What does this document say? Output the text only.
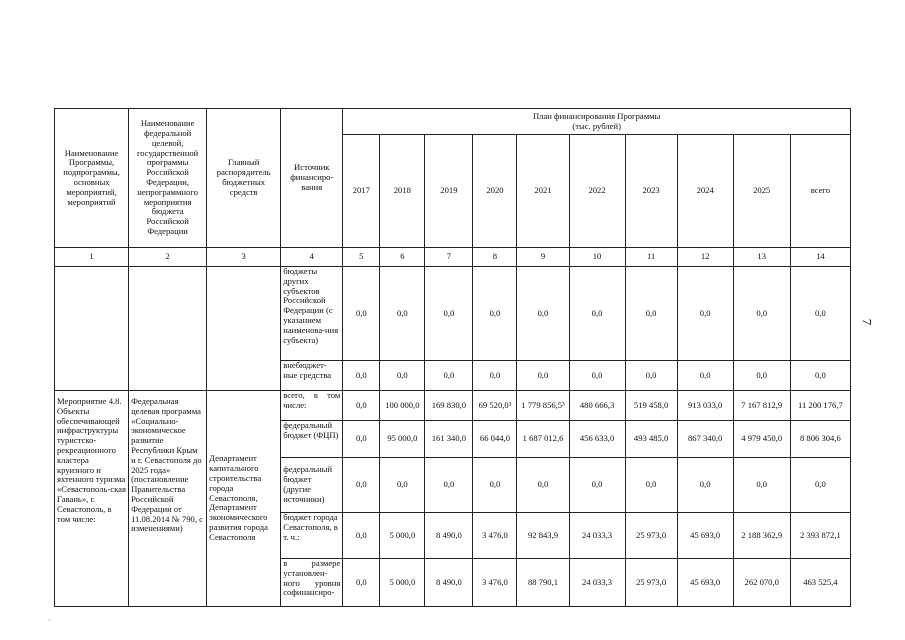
Наименование Программы, подпрограммы, основных мероприятий, мероприятий	Наименование федеральной целевой, государственной программы Российской Федерации, непрограммного мероприятия бюджета Российской Федерации	Главный распорядитель бюджетных средств	Источник финансиро-вания	План финансирования Программы
(тыс. рублей)									
				2017	2018	2019	2020	2021	2022	2023	2024	2025	всего
1	2	3	4	5	6	7	8	9	10	11	12	13	14
			бюджеты других субъектов Российской Федерации (с указанием наименова-ния субъекта)	0,0	0,0	0,0	0,0	0,0	0,0	0,0	0,0	0,0	0,0
			внебюджет-ные средства	0,0	0,0	0,0	0,0	0,0	0,0	0,0	0,0	0,0	0,0
Мероприятие 4.8. Объекты обеспечивающей инфраструктуры туристско-рекреационного кластера круизного и яхтенного туризма «Севастополь-ская Гавань», г. Севастополь, в том числе:	Федеральная целевая программа «Социально-экономическое развитие Республики Крым и г. Севастополя до 2025 года» (постановление Правительства Российской Федерации от 11.08.2014 № 790, с изменениями)	Департамент капитального строительства города Севастополя, Департамент экономического развития города Севастополя	всего, в том числе:	0,0	100 000,0	169 830,0	69 520,0³	1 779 856,5³	480 666,3	519 458,0	913 033,0	7 167 812,9	11 200 176,7
			федеральный бюджет (ФЦП)	0,0	95 000,0	161 340,0	66 044,0	1 687 012,6	456 633,0	493 485,0	867 340,0	4 979 450,0	8 806 304,6
			федеральный бюджет (другие источники)	0,0	0,0	0,0	0,0	0,0	0,0	0,0	0,0	0,0	0,0
			бюджет города Севастополя, в т. ч.:	0,0	5 000,0	8 490,0	3 476,0	92 843,9	24 033,3	25 973,0	45 693,0	2 188 362,9	2 393 872,1
			в размере установлен-ного уровня софинансиро-	0,0	5 000,0	8 490,0	3 476,0	88 790,1	24 033,3	25 973,0	45 693,0	262 070,0	463 525,4
7
‚
